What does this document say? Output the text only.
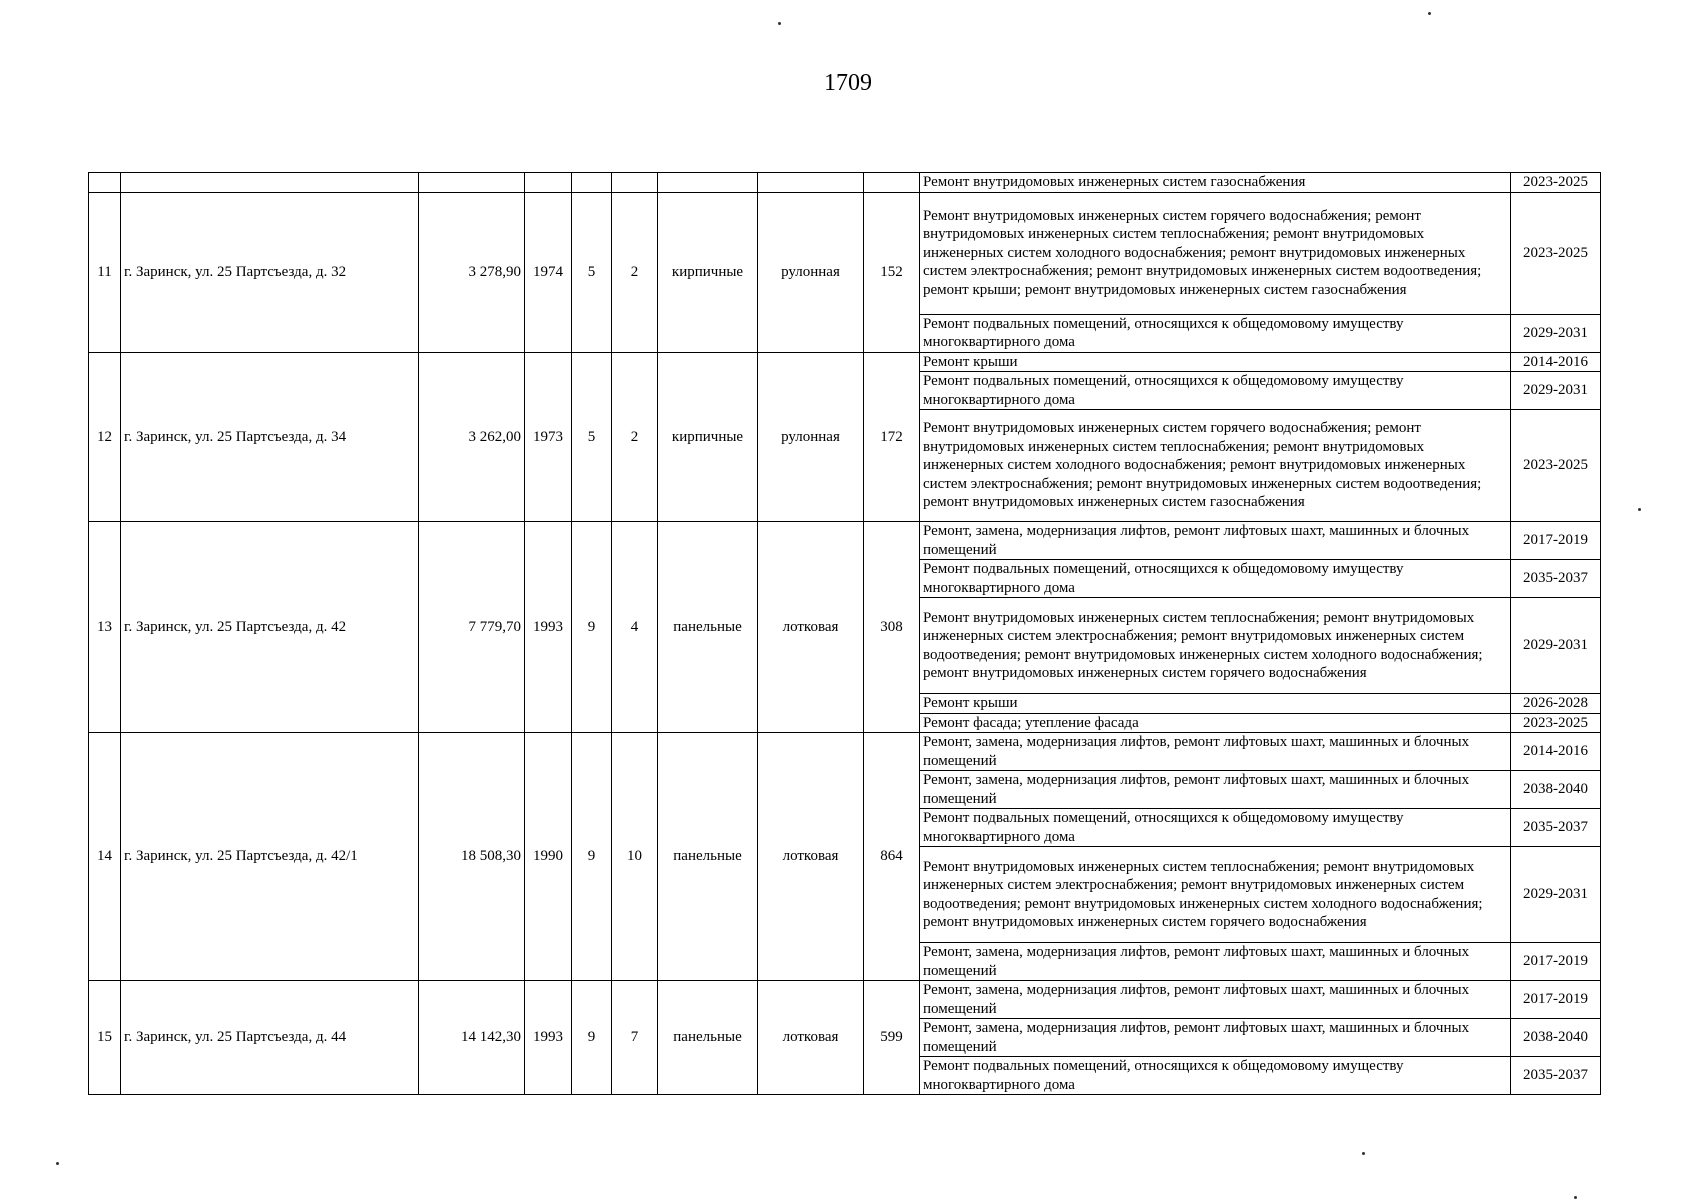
1709
									Ремонт внутридомовых инженерных систем газоснабжения	2023-2025
11	г. Заринск, ул. 25 Партсъезда, д. 32	3 278,90	1974	5	2	кирпичные	рулонная	152	Ремонт внутридомовых инженерных систем горячего водоснабжения; ремонт внутридомовых инженерных систем теплоснабжения; ремонт внутридомовых инженерных систем холодного водоснабжения; ремонт внутридомовых инженерных систем электроснабжения; ремонт внутридомовых инженерных систем водоотведения; ремонт крыши; ремонт внутридомовых инженерных систем газоснабжения	2023-2025
									Ремонт подвальных помещений, относящихся к общедомовому имуществу многоквартирного дома	2029-2031
12	г. Заринск, ул. 25 Партсъезда, д. 34	3 262,00	1973	5	2	кирпичные	рулонная	172	Ремонт крыши	2014-2016
									Ремонт подвальных помещений, относящихся к общедомовому имуществу многоквартирного дома	2029-2031
									Ремонт внутридомовых инженерных систем горячего водоснабжения; ремонт внутридомовых инженерных систем теплоснабжения; ремонт внутридомовых инженерных систем холодного водоснабжения; ремонт внутридомовых инженерных систем электроснабжения; ремонт внутридомовых инженерных систем водоотведения; ремонт внутридомовых инженерных систем газоснабжения	2023-2025
13	г. Заринск, ул. 25 Партсъезда, д. 42	7 779,70	1993	9	4	панельные	лотковая	308	Ремонт, замена, модернизация лифтов, ремонт лифтовых шахт, машинных и блочных помещений	2017-2019
									Ремонт подвальных помещений, относящихся к общедомовому имуществу многоквартирного дома	2035-2037
									Ремонт внутридомовых инженерных систем теплоснабжения; ремонт внутридомовых инженерных систем электроснабжения; ремонт внутридомовых инженерных систем водоотведения; ремонт внутридомовых инженерных систем холодного водоснабжения; ремонт внутридомовых инженерных систем горячего водоснабжения	2029-2031
									Ремонт крыши	2026-2028
									Ремонт фасада; утепление фасада	2023-2025
14	г. Заринск, ул. 25 Партсъезда, д. 42/1	18 508,30	1990	9	10	панельные	лотковая	864	Ремонт, замена, модернизация лифтов, ремонт лифтовых шахт, машинных и блочных помещений	2014-2016
									Ремонт, замена, модернизация лифтов, ремонт лифтовых шахт, машинных и блочных помещений	2038-2040
									Ремонт подвальных помещений, относящихся к общедомовому имуществу многоквартирного дома	2035-2037
									Ремонт внутридомовых инженерных систем теплоснабжения; ремонт внутридомовых инженерных систем электроснабжения; ремонт внутридомовых инженерных систем водоотведения; ремонт внутридомовых инженерных систем холодного водоснабжения; ремонт внутридомовых инженерных систем горячего водоснабжения	2029-2031
									Ремонт, замена, модернизация лифтов, ремонт лифтовых шахт, машинных и блочных помещений	2017-2019
15	г. Заринск, ул. 25 Партсъезда, д. 44	14 142,30	1993	9	7	панельные	лотковая	599	Ремонт, замена, модернизация лифтов, ремонт лифтовых шахт, машинных и блочных помещений	2017-2019
									Ремонт, замена, модернизация лифтов, ремонт лифтовых шахт, машинных и блочных помещений	2038-2040
									Ремонт подвальных помещений, относящихся к общедомовому имуществу многоквартирного дома	2035-2037
